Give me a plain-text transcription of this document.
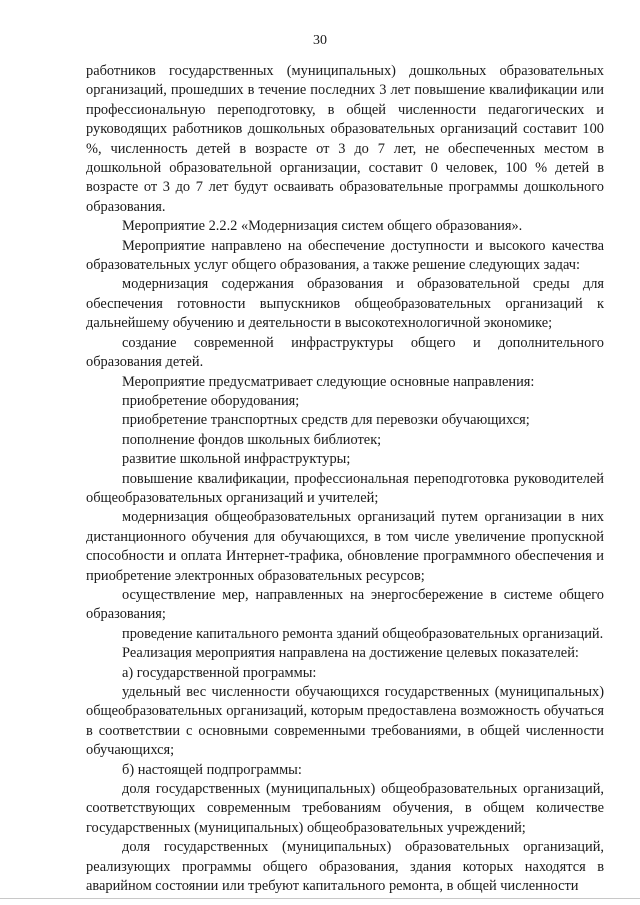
30

работников государственных (муниципальных) дошкольных образовательных организаций, прошедших в течение последних 3 лет повышение квалификации или профессиональную переподготовку, в общей численности педагогических и руководящих работников дошкольных образовательных организаций составит 100 %, численность детей в возрасте от 3 до 7 лет, не обеспеченных местом в дошкольной образовательной организации, составит 0 человек, 100 % детей в возрасте от 3 до 7 лет будут осваивать образовательные программы дошкольного образования.

Мероприятие 2.2.2 «Модернизация систем общего образования».

Мероприятие направлено на обеспечение доступности и высокого качества образовательных услуг общего образования, а также решение следующих задач:

модернизация содержания образования и образовательной среды для обеспечения готовности выпускников общеобразовательных организаций к дальнейшему обучению и деятельности в высокотехнологичной экономике;

создание современной инфраструктуры общего и дополнительного образования детей.

Мероприятие предусматривает следующие основные направления:

приобретение оборудования;

приобретение транспортных средств для перевозки обучающихся;

пополнение фондов школьных библиотек;

развитие школьной инфраструктуры;

повышение квалификации, профессиональная переподготовка руководителей общеобразовательных организаций и учителей;

модернизация общеобразовательных организаций путем организации в них дистанционного обучения для обучающихся, в том числе увеличение пропускной способности и оплата Интернет-трафика, обновление программного обеспечения и приобретение электронных образовательных ресурсов;

осуществление мер, направленных на энергосбережение в системе общего образования;

проведение капитального ремонта зданий общеобразовательных организаций.

Реализация мероприятия направлена на достижение целевых показателей:

а) государственной программы:

удельный вес численности обучающихся государственных (муниципальных) общеобразовательных организаций, которым предоставлена возможность обучаться в соответствии с основными современными требованиями, в общей численности обучающихся;

б) настоящей подпрограммы:

доля государственных (муниципальных) общеобразовательных организаций, соответствующих современным требованиям обучения, в общем количестве государственных (муниципальных) общеобразовательных учреждений;

доля государственных (муниципальных) образовательных организаций, реализующих программы общего образования, здания которых находятся в аварийном состоянии или требуют капитального ремонта, в общей численности
